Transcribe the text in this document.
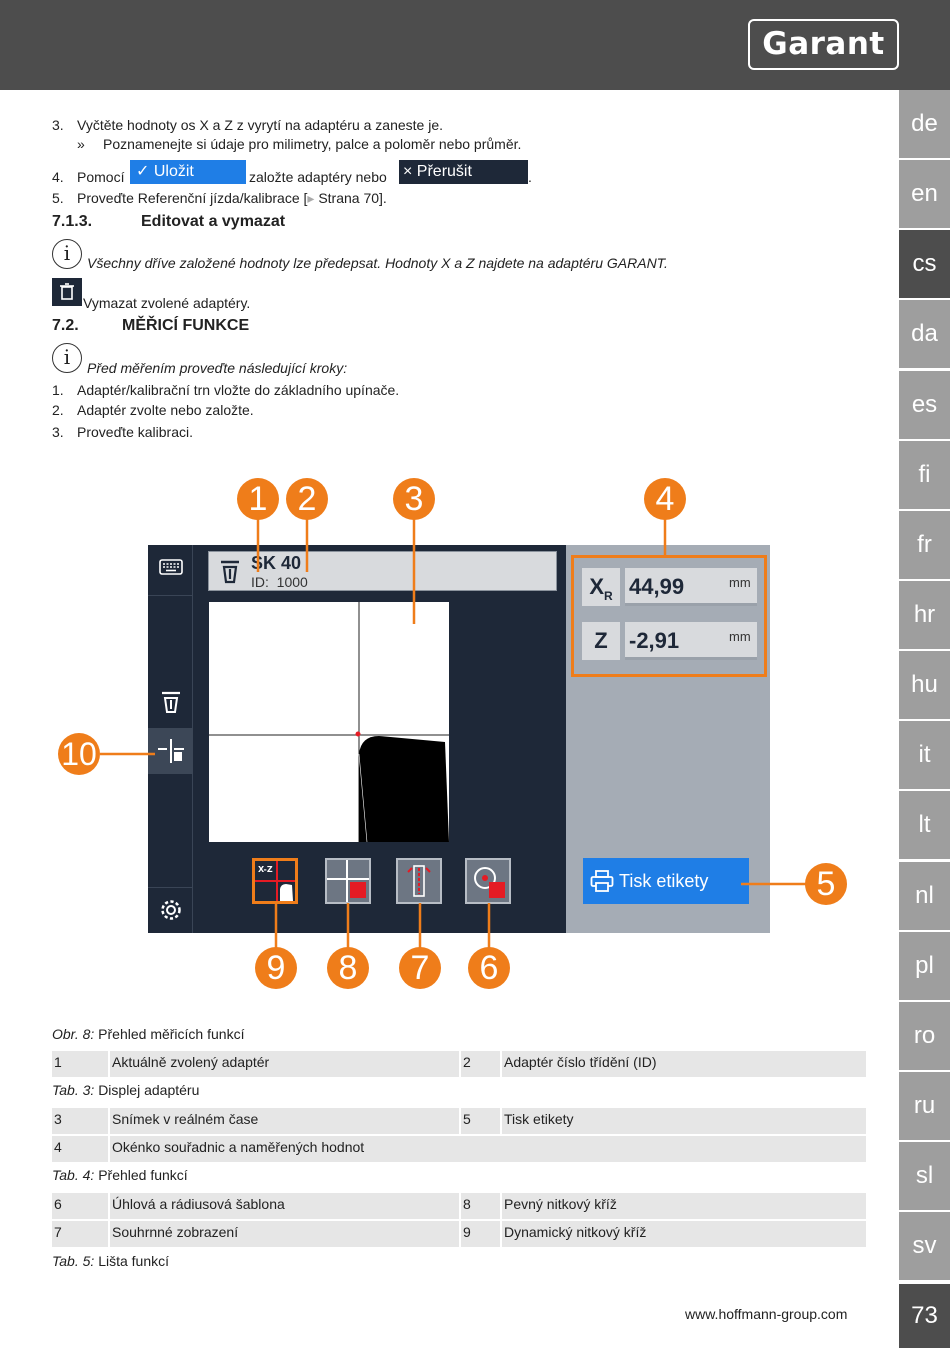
Garant
de
en
cs
da
es
fi
fr
hr
hu
it
lt
nl
pl
ro
ru
sl
sv
73
3. Vyčtěte hodnoty os X a Z z vyrytí na adaptéru a zaneste je.
» Poznamenejte si údaje pro milimetry, palce a poloměr nebo průměr.
4. Pomocí ✓ Uložit	založte adaptéry nebo × Přerušit	.
5. Proveďte Referenční jízda/kalibrace [▸ Strana 70].
7.1.3.	Editovat a vymazat
i	Všechny dříve založené hodnoty lze předepsat. Hodnoty X a Z najdete na adaptéru GARANT.
Vymazat zvolené adaptéry.
7.2.	MĚŘICÍ FUNKCE
i	Před měřením proveďte následující kroky:
1. Adaptér/kalibrační trn vložte do základního upínače.
2. Adaptér zvolte nebo založte.
3. Proveďte kalibraci.
SK 40
ID: 1000
Tisk etikety
$X_R$ 44,99	mm
Z -2,91	mm
X-Z
1 2	3	4
5
6
7
8
9
10
Obr. 8: Přehled měřicích funkcí
1	Aktuálně zvolený adaptér	2	Adaptér číslo třídění (ID)
Tab. 3: Displej adaptéru
3	Snímek v reálném čase	5	Tisk etikety
4	Okénko souřadnic a naměřených hodnot
Tab. 4: Přehled funkcí
6	Úhlová a rádiusová šablona	8	Pevný nitkový kříž
7	Souhrnné zobrazení	9	Dynamický nitkový kříž
Tab. 5: Lišta funkcí
www.hoffmann-group.com
